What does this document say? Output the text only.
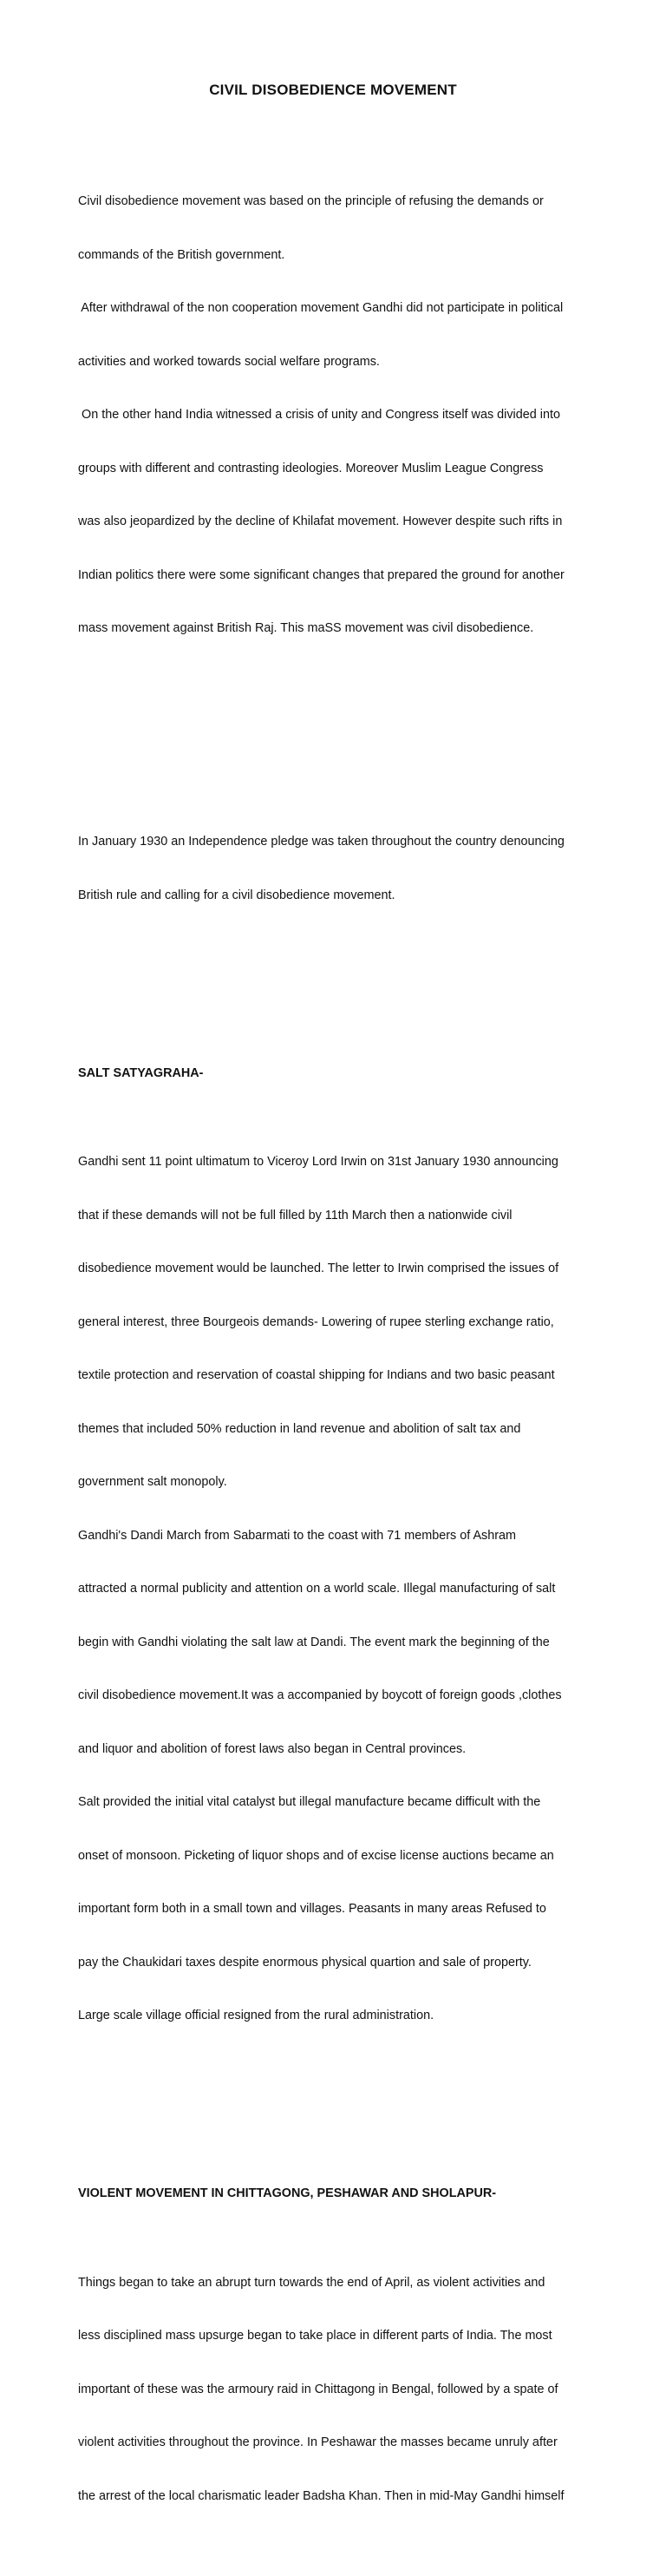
CIVIL DISOBEDIENCE MOVEMENT

Civil disobedience movement was based on the principle of refusing the demands or

commands of the British government.

After withdrawal of the non cooperation movement Gandhi did not participate in political

activities and worked towards social welfare programs.

On the other hand India witnessed a crisis of unity and Congress itself was divided into

groups with different and contrasting ideologies. Moreover Muslim League Congress

was also jeopardized by the decline of Khilafat movement. However despite such rifts in

Indian politics there were some significant changes that prepared the ground for another

mass movement against British Raj. This maSS movement was civil disobedience.

In January 1930 an Independence pledge was taken throughout the country denouncing

British rule and calling for a civil disobedience movement.

SALT SATYAGRAHA-

Gandhi sent 11 point ultimatum to Viceroy Lord Irwin on 31st January 1930 announcing

that if these demands will not be full filled by 11th March then a nationwide civil

disobedience movement would be launched. The letter to Irwin comprised the issues of

general interest, three Bourgeois demands- Lowering of rupee sterling exchange ratio,

textile protection and reservation of coastal shipping for Indians and two basic peasant

themes that included 50% reduction in land revenue and abolition of salt tax and

government salt monopoly.

Gandhi's Dandi March from Sabarmati to the coast with 71 members of Ashram

attracted a normal publicity and attention on a world scale. Illegal manufacturing of salt

begin with Gandhi violating the salt law at Dandi. The event mark the beginning of the

civil disobedience movement.It was a accompanied by boycott of foreign goods ,clothes

and liquor and abolition of forest laws also began in Central provinces.

Salt provided the initial vital catalyst but illegal manufacture became difficult with the

onset of monsoon. Picketing of liquor shops and of excise license auctions became an

important form both in a small town and villages. Peasants in many areas Refused to

pay the Chaukidari taxes despite enormous physical quartion and sale of property.

Large scale village official resigned from the rural administration.

VIOLENT MOVEMENT IN CHITTAGONG, PESHAWAR AND SHOLAPUR-

Things began to take an abrupt turn towards the end of April, as violent activities and

less disciplined mass upsurge began to take place in different parts of India. The most

important of these was the armoury raid in Chittagong in Bengal, followed by a spate of

violent activities throughout the province. In Peshawar the masses became unruly after

the arrest of the local charismatic leader Badsha Khan. Then in mid-May Gandhi himself
